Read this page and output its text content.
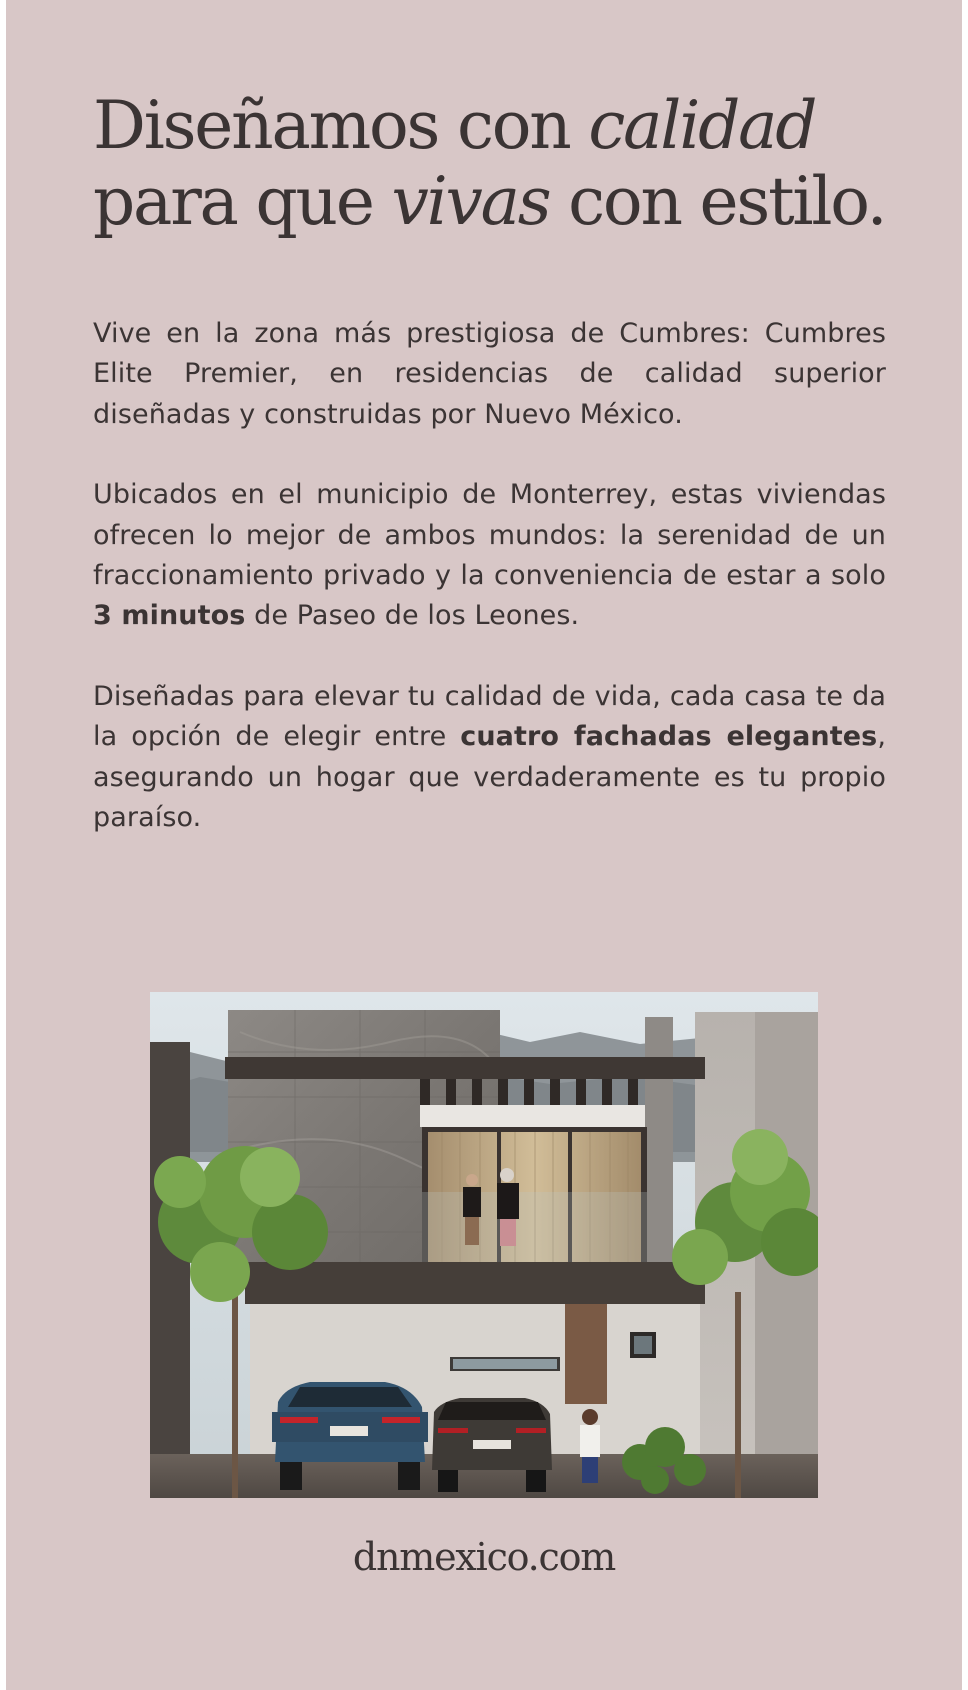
Diseñamos con calidad
para que vivas con estilo.

Vive en la zona más prestigiosa de Cumbres: Cumbres Elite Premier, en residencias de calidad superior diseñadas y construidas por Nuevo México.

Ubicados en el municipio de Monterrey, estas viviendas ofrecen lo mejor de ambos mundos: la serenidad de un fraccionamiento privado y la conveniencia de estar a solo 3 minutos de Paseo de los Leones.

Diseñadas para elevar tu calidad de vida, cada casa te da la opción de elegir entre cuatro fachadas elegantes, asegurando un hogar que verdaderamente es tu propio paraíso.

dnmexico.com
